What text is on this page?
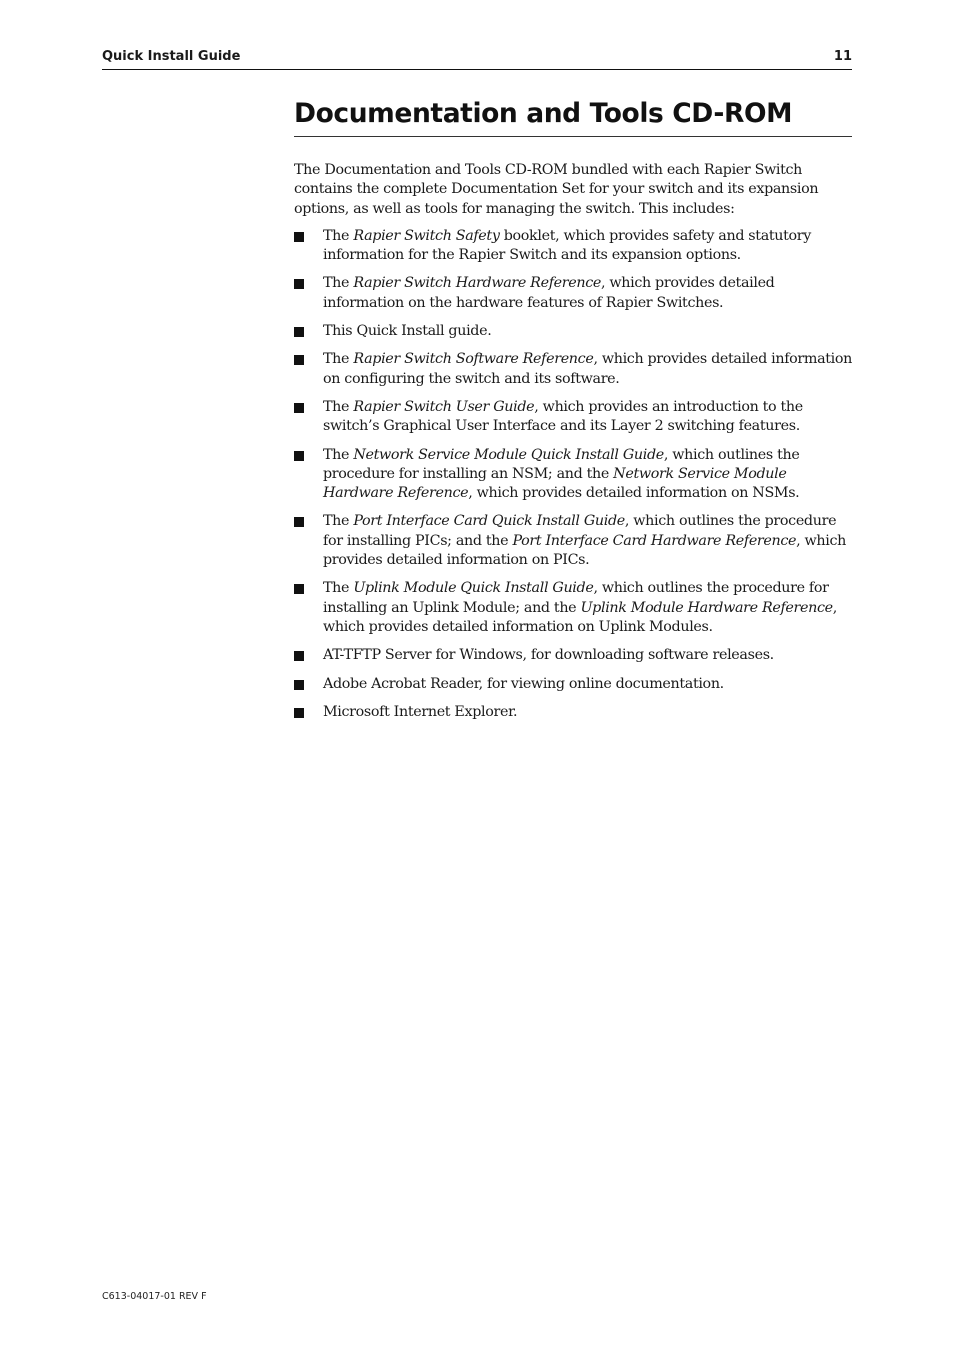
Quick Install Guide	11
Documentation and Tools CD-ROM

The Documentation and Tools CD-ROM bundled with each Rapier Switch contains the complete Documentation Set for your switch and its expansion options, as well as tools for managing the switch. This includes:

The Rapier Switch Safety booklet, which provides safety and statutory information for the Rapier Switch and its expansion options.
The Rapier Switch Hardware Reference, which provides detailed information on the hardware features of Rapier Switches.
This Quick Install guide.
The Rapier Switch Software Reference, which provides detailed information on configuring the switch and its software.
The Rapier Switch User Guide, which provides an introduction to the switch’s Graphical User Interface and its Layer 2 switching features.
The Network Service Module Quick Install Guide, which outlines the procedure for installing an NSM; and the Network Service Module Hardware Reference, which provides detailed information on NSMs.
The Port Interface Card Quick Install Guide, which outlines the procedure for installing PICs; and the Port Interface Card Hardware Reference, which provides detailed information on PICs.
The Uplink Module Quick Install Guide, which outlines the procedure for installing an Uplink Module; and the Uplink Module Hardware Reference, which provides detailed information on Uplink Modules.
AT-TFTP Server for Windows, for downloading software releases.
Adobe Acrobat Reader, for viewing online documentation.
Microsoft Internet Explorer.
C613-04017-01 REV F
